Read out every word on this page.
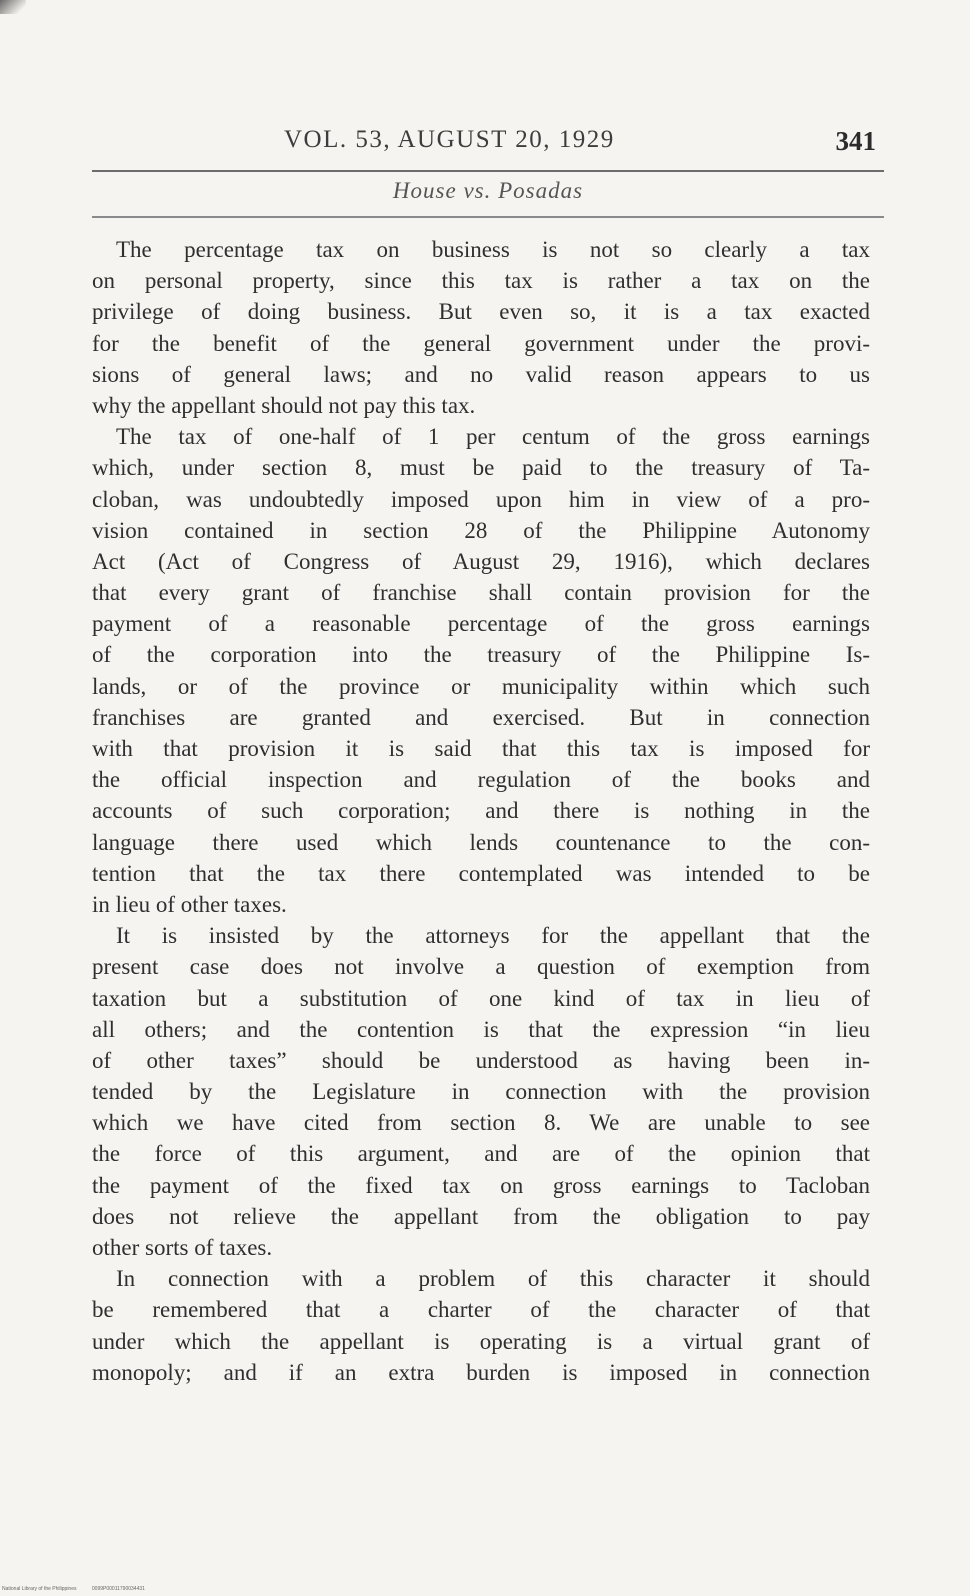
VOL. 53, AUGUST 20, 1929	341
House vs. Posadas
The percentage tax on business is not so clearly a tax
on personal property, since this tax is rather a tax on the
privilege of doing business. But even so, it is a tax exacted
for the benefit of the general government under the provi-
sions of general laws; and no valid reason appears to us
why the appellant should not pay this tax.
The tax of one-half of 1 per centum of the gross earnings
which, under section 8, must be paid to the treasury of Ta-
cloban, was undoubtedly imposed upon him in view of a pro-
vision contained in section 28 of the Philippine Autonomy
Act (Act of Congress of August 29, 1916), which declares
that every grant of franchise shall contain provision for the
payment of a reasonable percentage of the gross earnings
of the corporation into the treasury of the Philippine Is-
lands, or of the province or municipality within which such
franchises are granted and exercised. But in connection
with that provision it is said that this tax is imposed for
the official inspection and regulation of the books and
accounts of such corporation; and there is nothing in the
language there used which lends countenance to the con-
tention that the tax there contemplated was intended to be
in lieu of other taxes.
It is insisted by the attorneys for the appellant that the
present case does not involve a question of exemption from
taxation but a substitution of one kind of tax in lieu of
all others; and the contention is that the expression “in lieu
of other taxes” should be understood as having been in-
tended by the Legislature in connection with the provision
which we have cited from section 8. We are unable to see
the force of this argument, and are of the opinion that
the payment of the fixed tax on gross earnings to Tacloban
does not relieve the appellant from the obligation to pay
other sorts of taxes.
In connection with a problem of this character it should
be remembered that a charter of the character of that
under which the appellant is operating is a virtual grant of
monopoly; and if an extra burden is imposed in connection
National Library of the Philippines	0099P00011790034431
